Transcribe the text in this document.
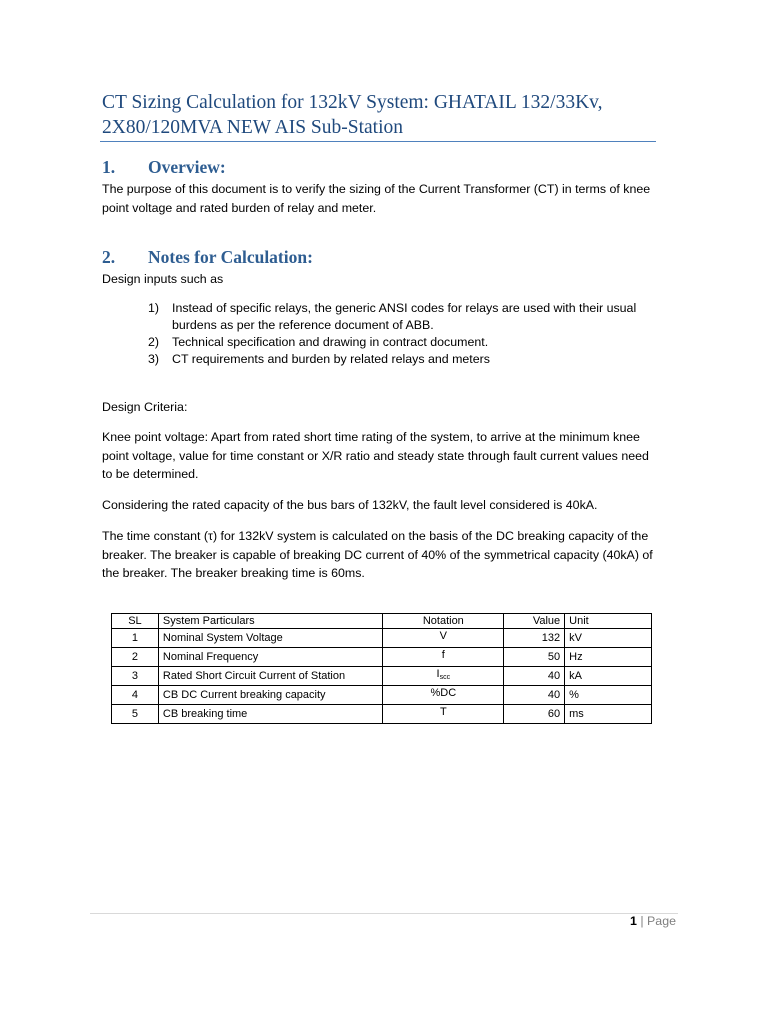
CT Sizing Calculation for 132kV System: GHATAIL 132/33Kv, 2X80/120MVA NEW AIS Sub-Station
1. Overview:

The purpose of this document is to verify the sizing of the Current Transformer (CT) in terms of knee point voltage and rated burden of relay and meter.

2. Notes for Calculation:

Design inputs such as

1) Instead of specific relays, the generic ANSI codes for relays are used with their usual burdens as per the reference document of ABB.
2) Technical specification and drawing in contract document.
3) CT requirements and burden by related relays and meters

Design Criteria:

Knee point voltage: Apart from rated short time rating of the system, to arrive at the minimum knee point voltage, value for time constant or X/R ratio and steady state through fault current values need to be determined.

Considering the rated capacity of the bus bars of 132kV, the fault level considered is 40kA.

The time constant (τ) for 132kV system is calculated on the basis of the DC breaking capacity of the breaker. The breaker is capable of breaking DC current of 40% of the symmetrical capacity (40kA) of the breaker. The breaker breaking time is 60ms.

SL	System Particulars	Notation	Value	Unit
1	Nominal System Voltage	V	132	kV
2	Nominal Frequency	f	50	Hz
3	Rated Short Circuit Current of Station	$I_{scc}$	40	kA
4	CB DC Current breaking capacity	%DC	40	%
5	CB breaking time	T	60	ms
1 | Page
